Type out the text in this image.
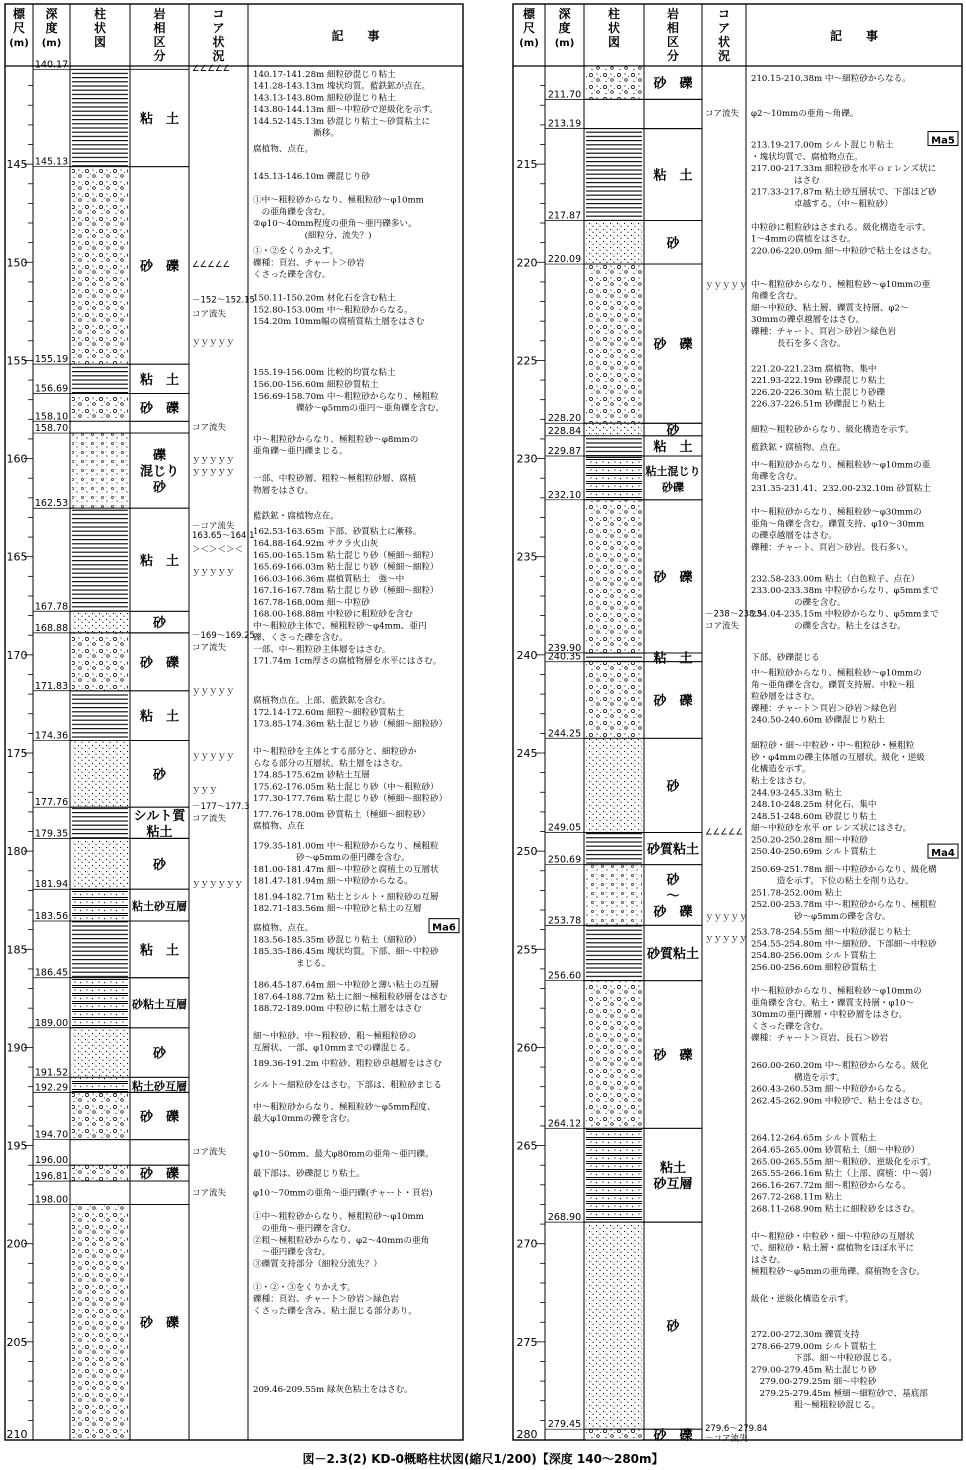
標
尺
(m)
深
度
(m)
柱
状
図
岩
相
区
分
コ
ア
状
況
記　　事
145
150
155
160
165
170
175
180
185
190
195
200
205
210
粘　土
砂　礫
粘　土
砂　礫
礫
混じり
砂
粘　土
砂
砂　礫
粘　土
砂
シルト質
粘土
砂
粘土砂互層
粘　土
砂粘土互層
砂
粘土砂互層
砂　礫
砂　礫
砂　礫
140.17
145.13
155.19
156.69
158.10
158.70
162.53
167.78
168.88
171.83
174.36
177.76
179.35
181.94
183.56
186.45
189.00
191.52
192.29
194.70
196.00
196.81
198.00
∠∠∠∠∠
∠∠∠∠∠
－152～152.15
コア流失
ｙｙｙｙｙ
コア流失
ｙｙｙｙｙ
ｙｙｙｙｙ
－コア流失
163.65～164.1
＞＜＞＜＞＜
ｙｙｙｙｙ
－169～169.25
コア流失
ｙｙｙｙｙ
ｙｙｙｙｙ
ｙｙｙ
－177～177.3
コア流失
ｙｙｙｙｙｙ
コア流失
コア流失
140.17-141.28m 細粒砂混じり粘土
141.28-143.13m 塊状均質。藍鉄鉱が点在。
143.13-143.80m 細粒砂混じり粘土
143.80-144.13m 細～中粒砂で逆級化を示す。
144.52-145.13m 砂混じり粘土～砂質粘土に
　　　　　　　漸移。
腐植物、点在。
145.13-146.10m 礫混じり砂
①中～粗粒砂からなり、極粗粒砂～φ10mm
　の亜角礫を含む。
②φ10～40mm程度の亜角～亜円礫多い。
　　　　　　(細粒分、流失？)
①・②をくりかえす。
礫種：頁岩、チャート＞砂岩
くさった礫を含む。
150.11-150.20m 材化石を含む粘土
152.80-153.00m 中～粗粒砂からなる。
154.20m 10mm幅の腐植質粘土層をはさむ
155.19-156.00m 比較的均質な粘土
156.00-156.60m 細粒砂質粘土
156.69-158.70m 中～粗粒砂からなり、極粗粒
　　　　　礫砂～φ5mmの亜円～亜角礫を含む。
中～粗粒砂からなり、極粗粒砂～φ8mmの
亜角礫～亜円礫まじる。
一部、中粒砂層、粗粒～極粗粒砂層、腐植
物層をはさむ。
藍鉄鉱・腐植物点在。
162.53-163.65m 下部、砂質粘土に漸移。
164.88-164.92m サクラ火山灰
165.00-165.15m 粘土混じり砂（極細～細粒）
165.69-166.03m 粘土混じり砂（極細～細粒）
166.03-166.36m 腐植質粘土　強～中
167.16-167.78m 粘土混じり砂（極細～細粒）
167.78-168.00m 細～中粒砂
168.00-168.88m 中粒砂に粗粒砂を含む
中～粗粒砂主体で、極粗粒砂～φ4mm、亜円
礫、くさった礫を含む。
一部、中～粗粒砂主体層をはさむ。
171.74m 1cm厚さの腐植物層を水平にはさむ。
腐植物点在。上部、藍鉄鉱を含む。
172.14-172.60m 細粒～細粒砂質粘土
173.85-174.36m 粘土混じり砂（極細～細粒砂）
中～粗粒砂を主体とする部分と、細粒砂か
らなる部分の互層状。粘土層をはさむ。
174.85-175.62m 砂粘土互層
175.62-176.05m 粘土混じり砂（中～粗粒砂）
177.30-177.76m 粘土混じり砂（極細～細粒砂）
177.76-178.00m 砂質粘土（極細～細粒砂）
腐植物、点在
179.35-181.00m 中～粗粒砂からなり、極粗粒
　　　　　砂～φ5mmの亜円礫を含む。
181.00-181.47m 細～中粒砂と腐植土の互層状
181.47-181.94m 細～中粒砂からなる。
181.94-182.71m 粘土とシルト・細粒砂の互層
182.71-183.56m 細～中粒砂と粘土の互層
腐植物、点在。
183.56-185.35m 砂混じり粘土（細粒砂）
185.35-186.45m 塊状均質。下部、細～中粒砂
　　　　　まじる。
186.45-187.64m 細～中粒砂と薄い粘土の互層
187.64-188.72m 粘土に細～極粗粒砂層をはさむ
188.72-189.00m 中粒砂に粘土層をはさむ
細～中粒砂、中～粗粒砂、粗～極粗粒砂の
互層状、一部、φ10mmまでの礫混じる。
189.36-191.2m 中粒砂、粗粒砂卓越層をはさむ
シルト～細粒砂をはさむ。下部は、粗粒砂まじる
中～粗粒砂からなり、極粗粒砂～φ5mm程度、
最大φ10mmの礫を含む。
φ10～50mm、最大φ80mmの亜角～亜円礫。
最下部は、砂礫混じり粘土。
φ10～70mmの亜角～亜円礫(チャート・頁岩)
①中～粗粒砂からなり、極粗粒砂～φ10mm
　の亜角～亜円礫を含む。
②粗～極粗粒砂からなり、φ2～40mmの亜角
　～亜円礫を含む。
③礫質支持部分（細粒分流失？）
①・②・③をくりかえす。
礫種：頁岩、チャート＞砂岩＞緑色岩
くさった礫を含み、粘土混じる部分あり。
209.46-209.55m 緑灰色粘土をはさむ。
Ma6
標
尺
(m)
深
度
(m)
柱
状
図
岩
相
区
分
コ
ア
状
況
記　　事
215
220
225
230
235
240
245
250
255
260
265
270
275
280
砂　礫
粘　土
砂
砂　礫
砂
粘　土
粘土混じり
砂礫
砂　礫
粘　土
砂　礫
砂
砂質粘土
砂
～
砂　礫
砂質粘土
砂　礫
粘土
砂互層
砂
砂　礫
211.70
213.19
217.87
220.09
228.20
228.84
229.87
232.10
239.90
240.35
244.25
249.05
250.69
253.78
256.60
264.12
268.90
279.45
コア流失
ｙｙｙｙｙ
－238～238.5
コア流失
∠∠∠∠∠
ｙｙｙｙｙ
ｙｙｙｙｙ
279.6～279.84
－コア流失
210.15-210.38m 中～細粒砂からなる。
φ2～10mmの亜角～角礫。
213.19-217.00m シルト混じり粘土
・塊状均質で、腐植物点在。
217.00-217.33m 細粒砂を水平ｏｒレンズ状に
　　　　　はさむ
217.33-217.87m 粘土砂互層状で、下部ほど砂
　　　　　卓越する。（中～粗粒砂）
中粒砂に粗粒砂はさまれる。級化構造を示す。
1～4mmの腐植をはさむ。
220.06-220.09m 細～中粒砂で粘土をはさむ。
中～粗粒砂からなり、極粗粒砂～φ10mmの亜
角礫を含む。
細～中粒砂、粘土層、礫質支持層、φ2～
30mmの礫卓越層をはさむ。
礫種：チャート、頁岩＞砂岩＞緑色岩
　　　長石を多く含む。
221.20-221.23m 腐植物、集中
221.93-222.19m 砂礫混じり粘土
226.20-226.30m 粘土混じり砂礫
226.37-226.51m 砂礫混じり粘土
細粒～粗粒砂からなり、級化構造を示す。
藍鉄鉱・腐植物、点在。
中～粗粒砂からなり、極粗粒砂～φ10mmの亜
角礫を含む。
231.35-231.41、232.00-232.10m 砂質粘土
中～粗粒砂からなり、極粗粒砂～φ30mmの
亜角～角礫を含む。礫質支持、φ10～30mm
の礫卓越層をはさむ。
礫種：チャート、頁岩＞砂岩。長石多い。
232.58-233.00m 粘土（白色粒子、点在）
233.00-233.38m 中粒砂からなり、φ5mmまで
　　　　　の礫を含む。
234.04-235.15m 中粒砂からなり、φ5mmまで
　　　　　の礫を含む。粘土をはさむ。
下部、砂礫混じる
中～粗粒砂からなり、極粗粒砂～φ10mmの
角～亜角礫を含む。礫質支持層、中粒～粗
粒砂層をはさむ。
礫種：チャート＞頁岩＞砂岩＞緑色岩
240.50-240.60m 砂礫混じり粘土
細粒砂・細～中粒砂・中～粗粒砂・極粗粒
砂・φ4mmの礫主体層の互層状。級化・逆級
化構造を示す。
粘土をはさむ。
244.93-245.33m 粘土
248.10-248.25m 材化石、集中
248.51-248.60m 砂混じり粘土
細～中粒砂を水平 or レンズ状にはさむ。
250.20-250.28m 細～中粒砂
250.40-250.69m シルト質粘土
250.69-251.78m 細～中粒砂からなり、級化構
　　　造を示す。下位の粘土を削り込む。
251.78-252.00m 粘土
252.00-253.78m 中～粗粒砂からなり、極粗粒
　　　　　砂～φ5mmの礫を含む。
253.78-254.55m 細～中粒砂混じり粘土
254.55-254.80m 中～細粒砂、下部細～中粒砂
254.80-256.00m シルト質粘土
256.00-256.60m 細粒砂質粘土
中～粗粒砂からなり、極粗粒砂～φ10mmの
亜角礫を含む。粘土・礫質支持層・φ10～
30mmの亜円礫層・中粒砂層をはさむ。
くさった礫を含む。
礫種：チャート＞頁岩、長石＞砂岩
260.00-260.20m 中～粗粒砂からなる。級化
　　　　　構造を示す。
260.43-260.53m 細～中粒砂からなる。
262.45-262.90m 中粒砂で、粘土をはさむ。
264.12-264.65m シルト質粘土
264.65-265.00m 砂質粘土（細～中粒砂）
265.00-265.55m 細～粗粒砂、逆級化を示す。
265.55-266.16m 粘土（上部、腐植：中～弱）
266.16-267.72m 細～粗粒砂からなる。
267.72-268.11m 粘土
268.11-268.90m 粘土に細粒砂をはさむ。
中～粗粒砂・中粒砂・細～中粒砂の互層状
で、細粒砂・粘土層・腐植物をほぼ水平に
はさむ。
極粗粒砂～φ5mmの亜角礫、腐植物を含む。
級化・逆級化構造を示す。
272.00-272.30m 礫質支持
278.66-279.00m シルト質粘土
　　　　　下部、細～中粒砂混じる。
279.00-279.45m 粘土混じり砂
　279.00-279.25m 細～中粒砂
　279.25-279.45m 極細～細粒砂で、基底部
　　　　　粗～極粗粒砂混じる。
Ma5
Ma4
図－2.3(2) KD-0概略柱状図(縮尺1/200)【深度 140～280m】
